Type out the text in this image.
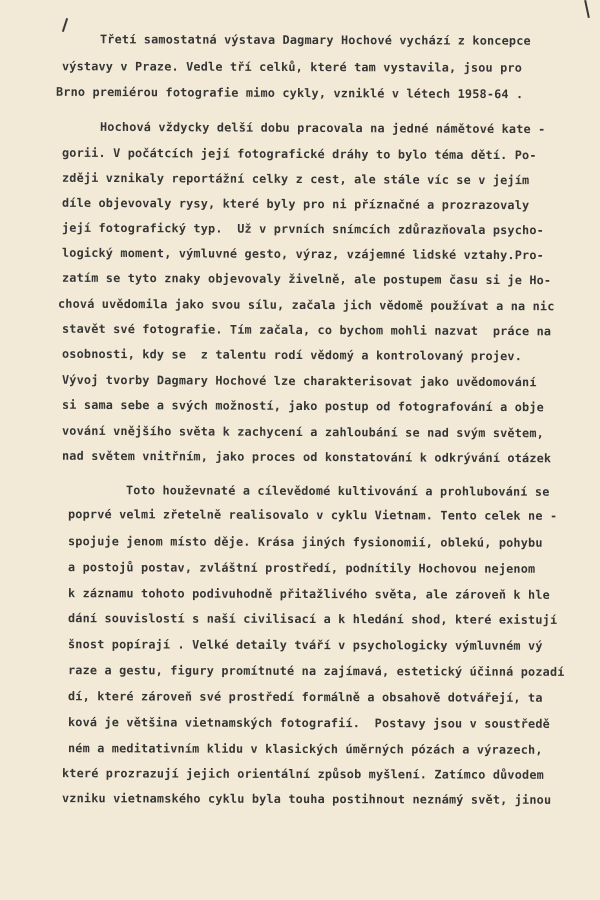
Třetí samostatná výstava Dagmary Hochové vychází z koncepce
výstavy v Praze. Vedle tří celků, které tam vystavila, jsou pro
Brno premiérou fotografie mimo cykly, vzniklé v létech 1958-64 .
Hochová vždycky delší dobu pracovala na jedné námětové kate -
gorii. V počátcích její fotografické dráhy to bylo téma dětí. Po-
zději vznikaly reportážní celky z cest, ale stále víc se v jejím
díle objevovaly rysy, které byly pro ni příznačné a prozrazovaly
její fotografický typ.  Už v prvních snímcích zdůrazňovala psycho-
logický moment, výmluvné gesto, výraz, vzájemné lidské vztahy.Pro-
zatím se tyto znaky objevovaly živelně, ale postupem času si je Ho-
chová uvědomila jako svou sílu, začala jich vědomě používat a na nic
stavět své fotografie. Tím začala, co bychom mohli nazvat  práce na
osobnosti, kdy se  z talentu rodí vědomý a kontrolovaný projev.
Vývoj tvorby Dagmary Hochové lze charakterisovat jako uvědomování
si sama sebe a svých možností, jako postup od fotografování a obje
vování vnějšího světa k zachycení a zahloubání se nad svým světem,
nad světem vnitřním, jako proces od konstatování k odkrývání otázek
Toto houževnaté a cílevědomé kultivování a prohlubování se
poprvé velmi zřetelně realisovalo v cyklu Vietnam. Tento celek ne -
spojuje jenom místo děje. Krása jiných fysionomií, oblekú, pohybu
a postojů postav, zvláštní prostředí, podnítily Hochovou nejenom
k záznamu tohoto podivuhodně přitažlivého světa, ale zároveň k hle
dání souvislostí s naší civilisací a k hledání shod, které existují
šnost popírají . Velké detaily tváří v psychologicky výmluvném vý
raze a gestu, figury promítnuté na zajímavá, estetický účinná pozadí
dí, které zároveň své prostředí formálně a obsahově dotvářejí, ta
ková je většina vietnamských fotografií.  Postavy jsou v soustředě
ném a meditativním klidu v klasických úměrných pózách a výrazech,
které prozrazují jejich orientální způsob myšlení. Zatímco důvodem
vzniku vietnamského cyklu byla touha postihnout neznámý svět, jinou
